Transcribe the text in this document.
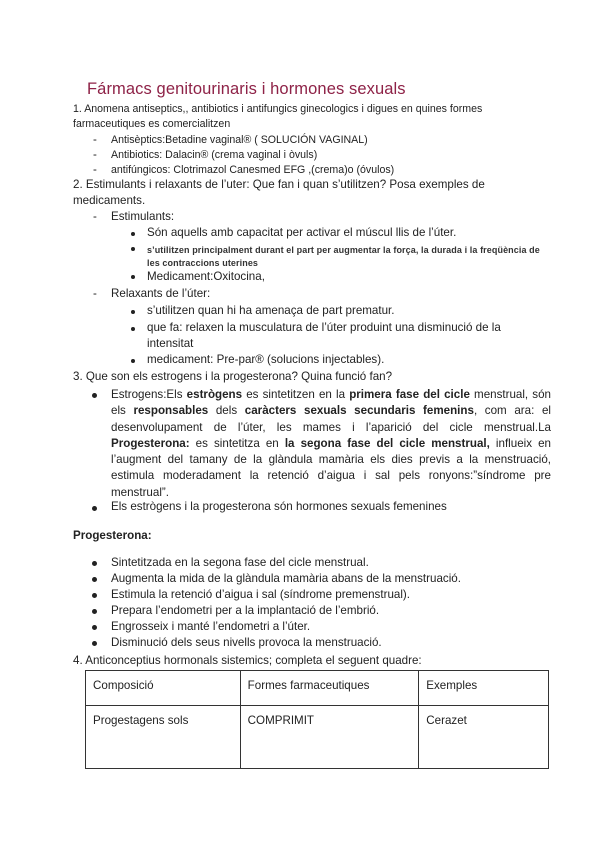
Fármacs genitourinaris i hormones sexuals
1. Anomena antiseptics,, antibiotics i antifungics ginecologics i digues en quines formes
farmaceutiques es comercialitzen
- Antisèptics:Betadine vaginal® ( SOLUCIÓN VAGINAL)
- Antibiotics: Dalacin® (crema vaginal i òvuls)
- antifúngicos: Clotrimazol Canesmed EFG ,(crema)o (óvulos)
2. Estimulants i relaxants de l’uter: Que fan i quan s’utilitzen? Posa exemples de
medicaments.
- Estimulants:
Són aquells amb capacitat per activar el múscul llis de l’úter.
s’utilitzen principalment durant el part per augmentar la força, la durada i la freqüència de
les contraccions uterines
Medicament:Oxitocina,
- Relaxants de l’úter:
s’utilitzen quan hi ha amenaça de part prematur.
que fa: relaxen la musculatura de l’úter produint una disminució de la
intensitat
medicament: Pre-par® (solucions injectables).
3. Que son els estrogens i la progesterona? Quina funció fan?
Estrogens:Els estrògens es sintetitzen en la primera fase del cicle menstrual, són els responsables dels caràcters sexuals secundaris femenins, com ara: el desenvolupament de l’úter, les mames i l’aparició del cicle menstrual.La Progesterona: es sintetitza en la segona fase del cicle menstrual, influeix en l’augment del tamany de la glàndula mamària els dies previs a la menstruació, estimula moderadament la retenció d’aigua i sal pels ronyons:”síndrome pre menstrual”.
Els estrògens i la progesterona són hormones sexuals femenines
Progesterona:
Sintetitzada en la segona fase del cicle menstrual.
Augmenta la mida de la glàndula mamària abans de la menstruació.
Estimula la retenció d’aigua i sal (síndrome premenstrual).
Prepara l’endometri per a la implantació de l’embrió.
Engrosseix i manté l’endometri a l’úter.
Disminució dels seus nivells provoca la menstruació.
4. Anticonceptius hormonals sistemics; completa el seguent quadre:
Composició	Formes farmaceutiques	Exemples
Progestagens sols	COMPRIMIT	Cerazet
